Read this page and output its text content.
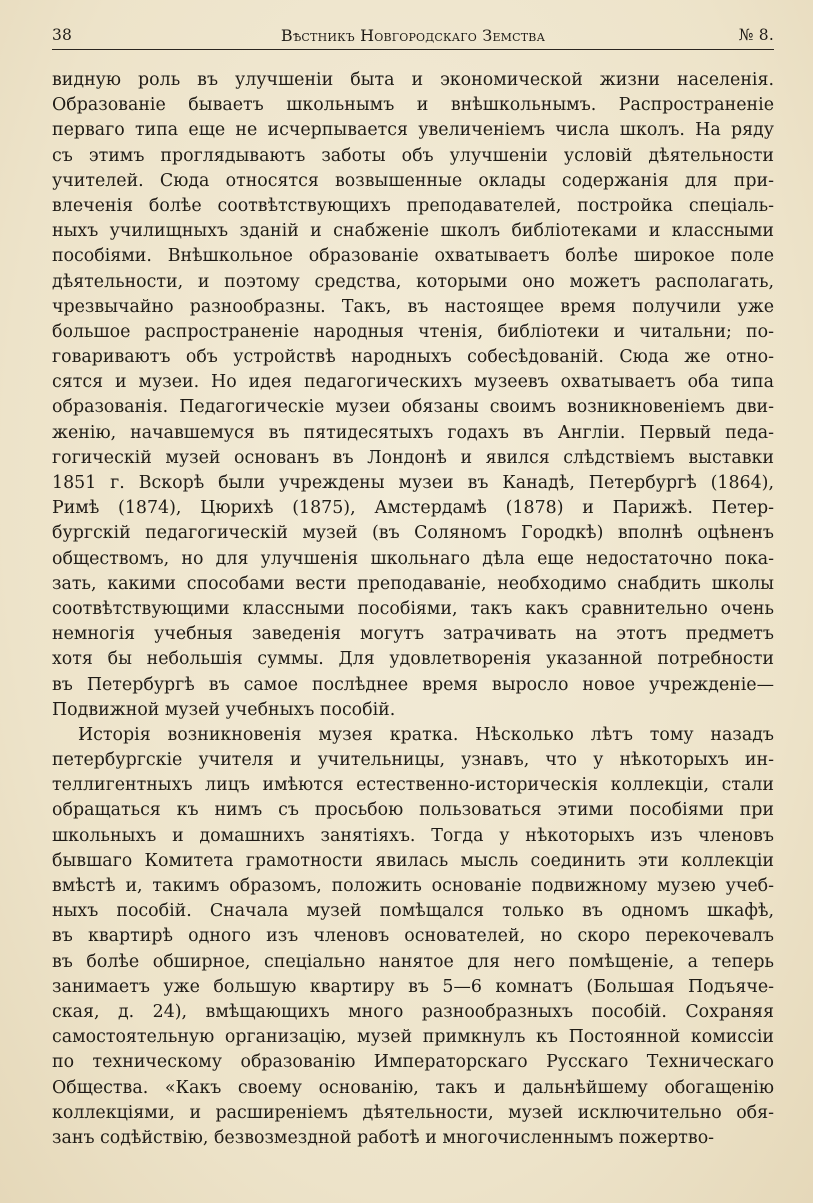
38	Вѣстникъ Новгородскаго Земства	№ 8.
видную роль въ улучшеніи быта и экономической жизни населенія.
Образованіе бываетъ школьнымъ и внѣшкольнымъ. Распространеніе
перваго типа еще не исчерпывается увеличеніемъ числа школъ. На ряду
съ этимъ проглядываютъ заботы объ улучшеніи условій дѣятельности
учителей. Сюда относятся возвышенные оклады содержанія для при-
влеченія болѣе соотвѣтствующихъ преподавателей, постройка спеціаль-
ныхъ училищныхъ зданій и снабженіе школъ библіотеками и классными
пособіями. Внѣшкольное образованіе охватываетъ болѣе широкое поле
дѣятельности, и поэтому средства, которыми оно можетъ располагать,
чрезвычайно разнообразны. Такъ, въ настоящее время получили уже
большое распространеніе народныя чтенія, библіотеки и читальни; по-
говариваютъ объ устройствѣ народныхъ собесѣдованій. Сюда же отно-
сятся и музеи. Но идея педагогическихъ музеевъ охватываетъ оба типа
образованія. Педагогическіе музеи обязаны своимъ возникновеніемъ дви-
женію, начавшемуся въ пятидесятыхъ годахъ въ Англіи. Первый педа-
гогическій музей основанъ въ Лондонѣ и явился слѣдствіемъ выставки
1851 г. Вскорѣ были учреждены музеи въ Канадѣ, Петербургѣ (1864),
Римѣ (1874), Цюрихѣ (1875), Амстердамѣ (1878) и Парижѣ. Петер-
бургскій педагогическій музей (въ Соляномъ Городкѣ) вполнѣ оцѣненъ
обществомъ, но для улучшенія школьнаго дѣла еще недостаточно пока-
зать, какими способами вести преподаваніе, необходимо снабдить школы
соотвѣтствующими классными пособіями, такъ какъ сравнительно очень
немногія учебныя заведенія могутъ затрачивать на этотъ предметъ
хотя бы небольшія суммы. Для удовлетворенія указанной потребности
въ Петербургѣ въ самое послѣднее время выросло новое учрежденіе—
Подвижной музей учебныхъ пособій.
Исторія возникновенія музея кратка. Нѣсколько лѣтъ тому назадъ
петербургскіе учителя и учительницы, узнавъ, что у нѣкоторыхъ ин-
теллигентныхъ лицъ имѣются естественно-историческія коллекціи, стали
обращаться къ нимъ съ просьбою пользоваться этими пособіями при
школьныхъ и домашнихъ занятіяхъ. Тогда у нѣкоторыхъ изъ членовъ
бывшаго Комитета грамотности явилась мысль соединить эти коллекціи
вмѣстѣ и, такимъ образомъ, положить основаніе подвижному музею учеб-
ныхъ пособій. Сначала музей помѣщался только въ одномъ шкафѣ,
въ квартирѣ одного изъ членовъ основателей, но скоро перекочевалъ
въ болѣе обширное, спеціально нанятое для него помѣщеніе, а теперь
занимаетъ уже большую квартиру въ 5—6 комнатъ (Большая Подъяче-
ская, д. 24), вмѣщающихъ много разнообразныхъ пособій. Сохраняя
самостоятельную организацію, музей примкнулъ къ Постоянной комиссіи
по техническому образованію Императорскаго Русскаго Техническаго
Общества. «Какъ своему основанію, такъ и дальнѣйшему обогащенію
коллекціями, и расширеніемъ дѣятельности, музей исключительно обя-
занъ содѣйствію, безвозмездной работѣ и многочисленнымъ пожертво-
